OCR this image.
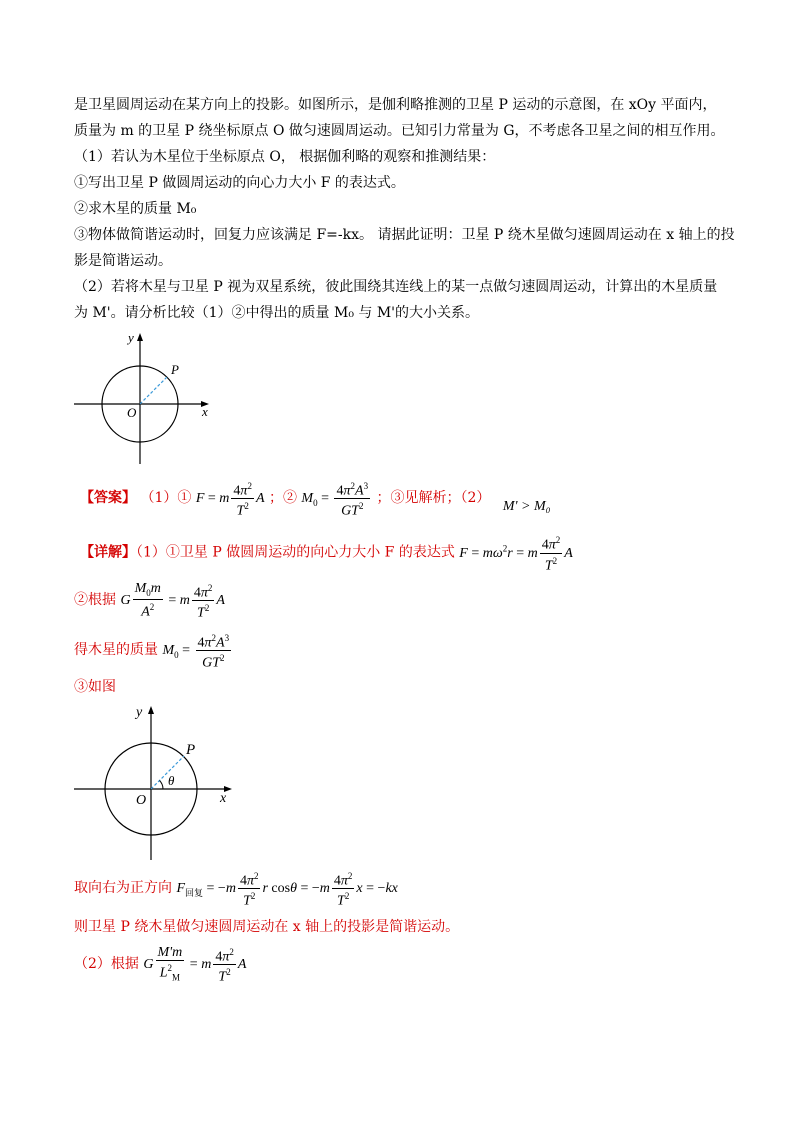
是卫星圆周运动在某方向上的投影。如图所示，是伽利略推测的卫星 P 运动的示意图，在 xOy 平面内，

质量为 m 的卫星 P 绕坐标原点 O 做匀速圆周运动。已知引力常量为 G，不考虑各卫星之间的相互作用。

（1）若认为木星位于坐标原点 O， 根据伽利略的观察和推测结果：

①写出卫星 P 做圆周运动的向心力大小 F 的表达式。

②求木星的质量 M₀

③物体做简谐运动时，回复力应该满足 F=-kx。 请据此证明：卫星 P 绕木星做匀速圆周运动在 x 轴上的投

影是简谐运动。

（2）若将木星与卫星 P 视为双星系统，彼此围绕其连线上的某一点做匀速圆周运动，计算出的木星质量

为 M'。请分析比较（1）②中得出的质量 M₀ 与 M'的大小关系。

y
x
O
P
【答案】 （1）① F = m $\frac{4\pi^2}{T^2}$ A ；② $M_0 = \frac{4\pi^2A^3}{GT^2}$ ；③见解析；（2） M' > M₀
【详解】（1）①卫星 P 做圆周运动的向心力大小 F 的表达式 $F = m\omega^2r = m \frac{4\pi^2}{T^2}$ A
②根据 G $\frac{M_0m}{A^2} = m \frac{4\pi^2}{T^2}$ A
得木星的质量 $M_0 = \frac{4\pi^2A^3}{GT^2}$
③如图
y
x
O
P
θ
取向右为正方向 $F_{回复} = -m \frac{4\pi^2}{T^2}$ r $\cos\theta = -m \frac{4\pi^2}{T^2}$ x = −kx
则卫星 P 绕木星做匀速圆周运动在 x 轴上的投影是简谐运动。
（2）根据 G $\frac{M'm}{L^2_M} = m \frac{4\pi^2}{T^2}$ A
